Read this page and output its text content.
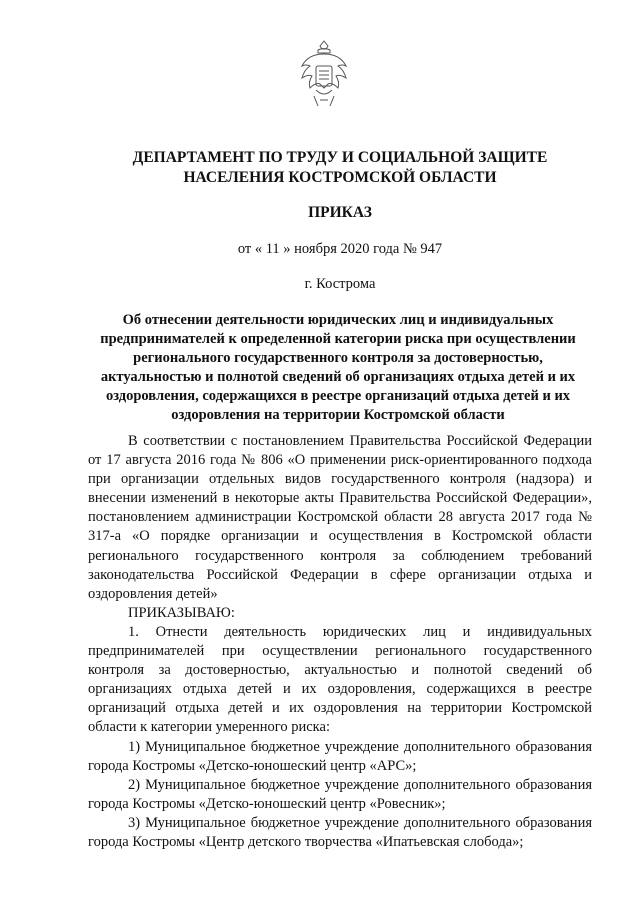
ДЕПАРТАМЕНТ ПО ТРУДУ И СОЦИАЛЬНОЙ ЗАЩИТЕ
НАСЕЛЕНИЯ КОСТРОМСКОЙ ОБЛАСТИ
ПРИКАЗ
от « 11 » ноября 2020 года № 947
г. Кострома
Об отнесении деятельности юридических лиц и индивидуальных предпринимателей к определенной категории риска при осуществлении регионального государственного контроля за достоверностью, актуальностью и полнотой сведений об организациях отдыха детей и их оздоровления, содержащихся в реестре организаций отдыха детей и их оздоровления на территории Костромской области

В соответствии с постановлением Правительства Российской Федерации от 17 августа 2016 года № 806 «О применении риск-ориентированного подхода при организации отдельных видов государственного контроля (надзора) и внесении изменений в некоторые акты Правительства Российской Федерации», постановлением администрации Костромской области 28 августа 2017 года № 317-а «О порядке организации и осуществления в Костромской области регионального государственного контроля за соблюдением требований законодательства Российской Федерации в сфере организации отдыха и оздоровления детей»

ПРИКАЗЫВАЮ:

1. Отнести деятельность юридических лиц и индивидуальных предпринимателей при осуществлении регионального государственного контроля за достоверностью, актуальностью и полнотой сведений об организациях отдыха детей и их оздоровления, содержащихся в реестре организаций отдыха детей и их оздоровления на территории Костромской области к категории умеренного риска:

1) Муниципальное бюджетное учреждение дополнительного образования города Костромы «Детско-юношеский центр «АРС»;

2) Муниципальное бюджетное учреждение дополнительного образования города Костромы «Детско-юношеский центр «Ровесник»;

3) Муниципальное бюджетное учреждение дополнительного образования города Костромы «Центр детского творчества «Ипатьевская слобода»;
